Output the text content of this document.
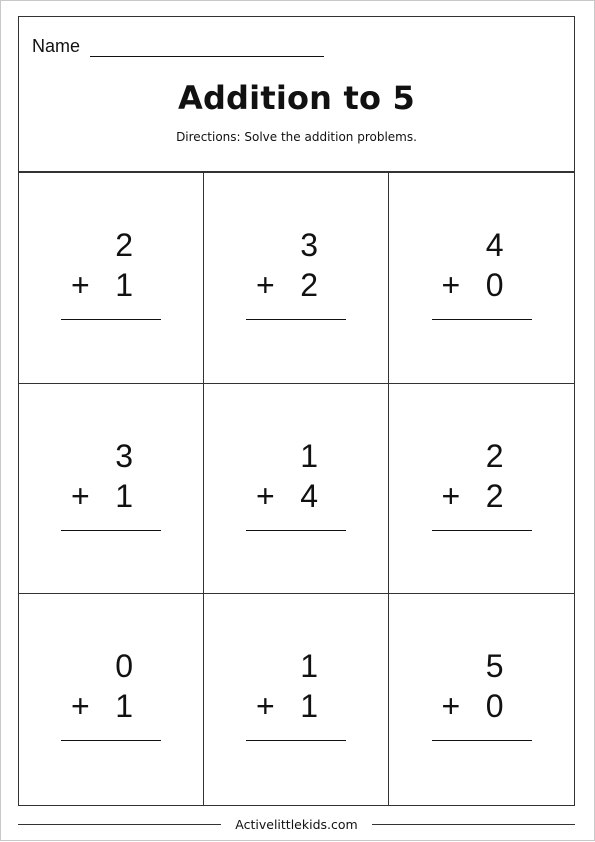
Name
Addition to 5
Directions: Solve the addition problems.
2
+ 1
3
+ 2
4
+ 0
3
+ 1
1
+ 4
2
+ 2
0
+ 1
1
+ 1
5
+ 0
Activelittlekids.com
